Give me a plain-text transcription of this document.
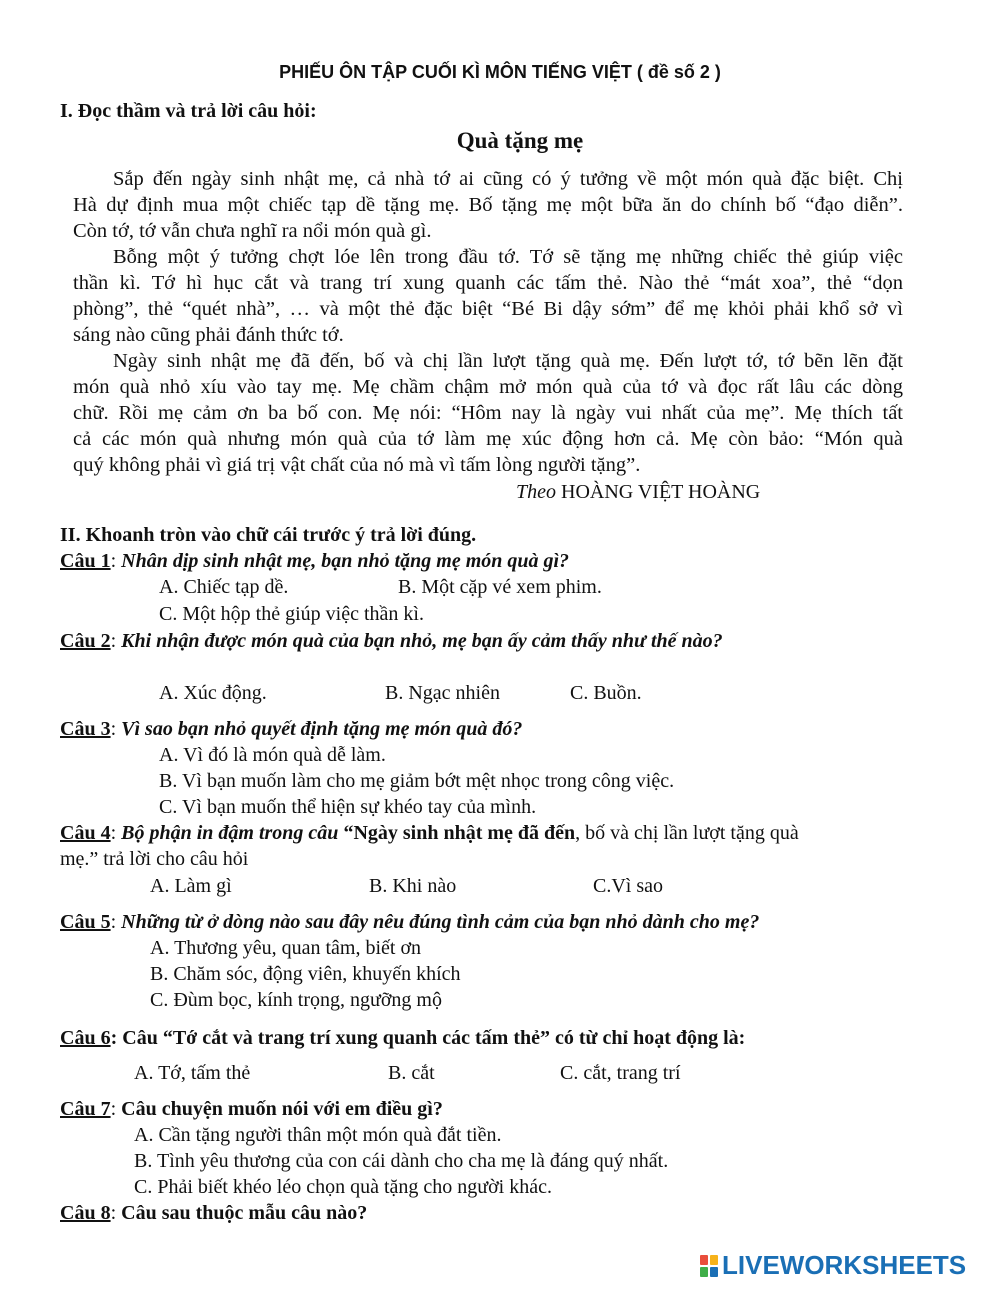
PHIẾU ÔN TẬP CUỐI KÌ MÔN TIẾNG VIỆT ( đề số 2 )
I. Đọc thầm và trả lời câu hỏi:
Quà tặng mẹ
Sắp đến ngày sinh nhật mẹ, cả nhà tớ ai cũng có ý tưởng về một món quà đặc biệt. Chị
Hà dự định mua một chiếc tạp dề tặng mẹ. Bố tặng mẹ một bữa ăn do chính bố “đạo diễn”.
Còn tớ, tớ vẫn chưa nghĩ ra nổi món quà gì.
Bỗng một ý tưởng chợt lóe lên trong đầu tớ. Tớ sẽ tặng mẹ những chiếc thẻ giúp việc
thần kì. Tớ hì hục cắt và trang trí xung quanh các tấm thẻ. Nào thẻ “mát xoa”, thẻ “dọn
phòng”, thẻ “quét nhà”, … và một thẻ đặc biệt “Bé Bi dậy sớm” để mẹ khỏi phải khổ sở vì
sáng nào cũng phải đánh thức tớ.
Ngày sinh nhật mẹ đã đến, bố và chị lần lượt tặng quà mẹ. Đến lượt tớ, tớ bẽn lẽn đặt
món quà nhỏ xíu vào tay mẹ. Mẹ chầm chậm mở món quà của tớ và đọc rất lâu các dòng
chữ. Rồi mẹ cảm ơn ba bố con. Mẹ nói: “Hôm nay là ngày vui nhất của mẹ”. Mẹ thích tất
cả các món quà nhưng món quà của tớ làm mẹ xúc động hơn cả. Mẹ còn bảo: “Món quà
quý không phải vì giá trị vật chất của nó mà vì tấm lòng người tặng”.
Theo HOÀNG VIỆT HOÀNG
II. Khoanh tròn vào chữ cái trước ý trả lời đúng.
Câu 1: Nhân dịp sinh nhật mẹ, bạn nhỏ tặng mẹ món quà gì?
A. Chiếc tạp dề.	B. Một cặp vé xem phim.
C. Một hộp thẻ giúp việc thần kì.
Câu 2: Khi nhận được món quà của bạn nhỏ, mẹ bạn ấy cảm thấy như thế nào?
A. Xúc động.	B. Ngạc nhiên	C. Buồn.
Câu 3: Vì sao bạn nhỏ quyết định tặng mẹ món quà đó?
A. Vì đó là món quà dễ làm.
B. Vì bạn muốn làm cho mẹ giảm bớt mệt nhọc trong công việc.
C. Vì bạn muốn thể hiện sự khéo tay của mình.
Câu 4: Bộ phận in đậm trong câu “Ngày sinh nhật mẹ đã đến, bố và chị lần lượt tặng quà
mẹ.” trả lời cho câu hỏi
A. Làm gì	B. Khi nào	C.Vì sao
Câu 5: Những từ ở dòng nào sau đây nêu đúng tình cảm của bạn nhỏ dành cho mẹ?
A. Thương yêu, quan tâm, biết ơn
B. Chăm sóc, động viên, khuyến khích
C. Đùm bọc, kính trọng, ngưỡng mộ
Câu 6: Câu “Tớ cắt và trang trí xung quanh các tấm thẻ” có từ chỉ hoạt động là:
A. Tớ, tấm thẻ	B. cắt	C. cắt, trang trí
Câu 7: Câu chuyện muốn nói với em điều gì?
A. Cần tặng người thân một món quà đắt tiền.
B. Tình yêu thương của con cái dành cho cha mẹ là đáng quý nhất.
C. Phải biết khéo léo chọn quà tặng cho người khác.
Câu 8: Câu sau thuộc mẫu câu nào?
LIVEWORKSHEETS
